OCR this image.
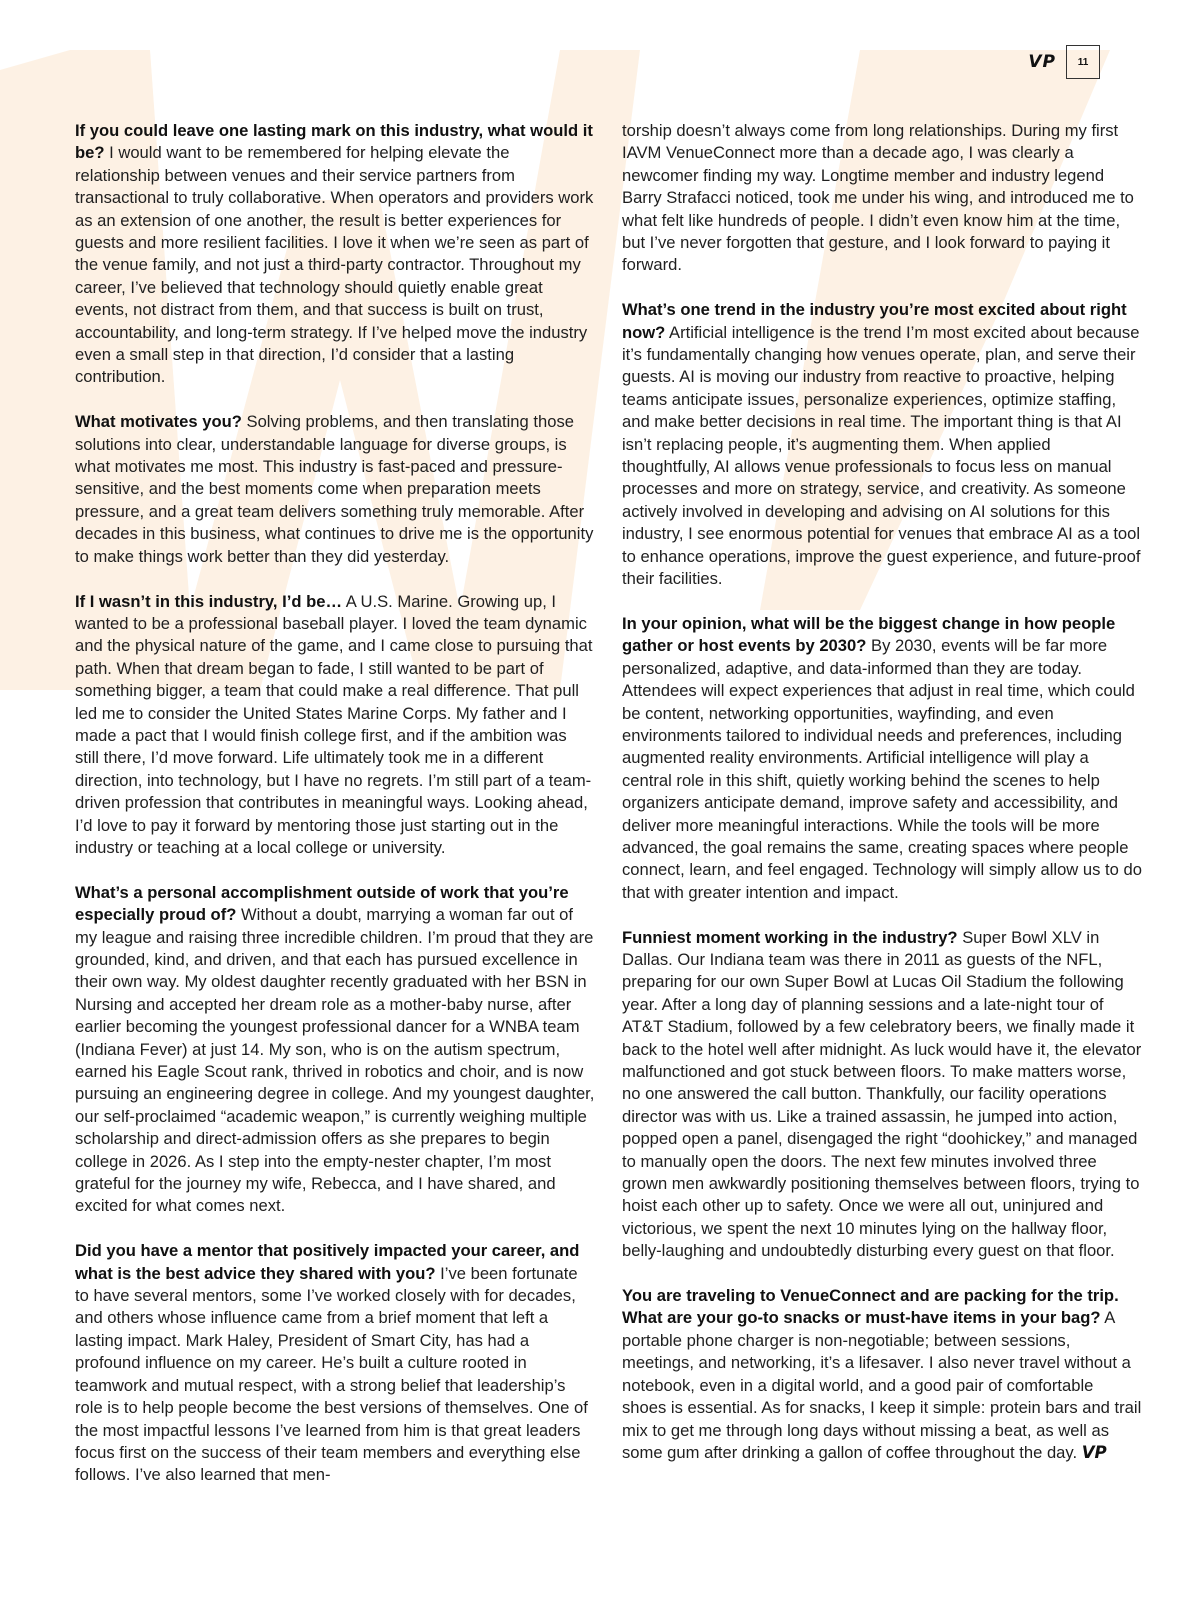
VP	11

If you could leave one lasting mark on this industry, what would it be? I would want to be remembered for helping elevate the relationship between venues and their service partners from transactional to truly collaborative. When operators and providers work as an extension of one another, the result is better experiences for guests and more resilient facilities. I love it when we’re seen as part of the venue family, and not just a third-party contractor. Throughout my career, I’ve believed that technology should quietly enable great events, not distract from them, and that success is built on trust, accountability, and long-term strategy. If I’ve helped move the industry even a small step in that direction, I’d consider that a lasting contribution.

What motivates you? Solving problems, and then translating those solutions into clear, understandable language for diverse groups, is what motivates me most. This industry is fast-paced and pressure-sensitive, and the best moments come when preparation meets pressure, and a great team delivers something truly memorable. After decades in this business, what continues to drive me is the opportunity to make things work better than they did yesterday.

If I wasn’t in this industry, I’d be… A U.S. Marine. Growing up, I wanted to be a professional baseball player. I loved the team dynamic and the physical nature of the game, and I came close to pursuing that path. When that dream began to fade, I still wanted to be part of something bigger, a team that could make a real difference. That pull led me to consider the United States Marine Corps. My father and I made a pact that I would finish college first, and if the ambition was still there, I’d move forward. Life ultimately took me in a different direction, into technology, but I have no regrets. I’m still part of a team-driven profession that contributes in meaningful ways. Looking ahead, I’d love to pay it forward by mentoring those just starting out in the industry or teaching at a local college or university.

What’s a personal accomplishment outside of work that you’re especially proud of? Without a doubt, marrying a woman far out of my league and raising three incredible children. I’m proud that they are grounded, kind, and driven, and that each has pursued excellence in their own way. My oldest daughter recently graduated with her BSN in Nursing and accepted her dream role as a mother-baby nurse, after earlier becoming the youngest professional dancer for a WNBA team (Indiana Fever) at just 14. My son, who is on the autism spectrum, earned his Eagle Scout rank, thrived in robotics and choir, and is now pursuing an engineering degree in college. And my youngest daughter, our self-proclaimed “academic weapon,” is currently weighing multiple scholarship and direct-admission offers as she prepares to begin college in 2026. As I step into the empty-nester chapter, I’m most grateful for the journey my wife, Rebecca, and I have shared, and excited for what comes next.

Did you have a mentor that positively impacted your career, and what is the best advice they shared with you? I’ve been fortunate to have several mentors, some I’ve worked closely with for decades, and others whose influence came from a brief moment that left a lasting impact. Mark Haley, President of Smart City, has had a profound influence on my career. He’s built a culture rooted in teamwork and mutual respect, with a strong belief that leadership’s role is to help people become the best versions of themselves. One of the most impactful lessons I’ve learned from him is that great leaders focus first on the success of their team members and everything else follows. I’ve also learned that men-

torship doesn’t always come from long relationships. During my first IAVM VenueConnect more than a decade ago, I was clearly a newcomer finding my way. Longtime member and industry legend Barry Strafacci noticed, took me under his wing, and introduced me to what felt like hundreds of people. I didn’t even know him at the time, but I’ve never forgotten that gesture, and I look forward to paying it forward.

What’s one trend in the industry you’re most excited about right now? Artificial intelligence is the trend I’m most excited about because it’s fundamentally changing how venues operate, plan, and serve their guests. AI is moving our industry from reactive to proactive, helping teams anticipate issues, personalize experiences, optimize staffing, and make better decisions in real time. The important thing is that AI isn’t replacing people, it’s augmenting them. When applied thoughtfully, AI allows venue professionals to focus less on manual processes and more on strategy, service, and creativity. As someone actively involved in developing and advising on AI solutions for this industry, I see enormous potential for venues that embrace AI as a tool to enhance operations, improve the guest experience, and future-proof their facilities.

In your opinion, what will be the biggest change in how people gather or host events by 2030? By 2030, events will be far more personalized, adaptive, and data-informed than they are today. Attendees will expect experiences that adjust in real time, which could be content, networking opportunities, wayfinding, and even environments tailored to individual needs and preferences, including augmented reality environments. Artificial intelligence will play a central role in this shift, quietly working behind the scenes to help organizers anticipate demand, improve safety and accessibility, and deliver more meaningful interactions. While the tools will be more advanced, the goal remains the same, creating spaces where people connect, learn, and feel engaged. Technology will simply allow us to do that with greater intention and impact.

Funniest moment working in the industry? Super Bowl XLV in Dallas. Our Indiana team was there in 2011 as guests of the NFL, preparing for our own Super Bowl at Lucas Oil Stadium the following year. After a long day of planning sessions and a late-night tour of AT&T Stadium, followed by a few celebratory beers, we finally made it back to the hotel well after midnight. As luck would have it, the elevator malfunctioned and got stuck between floors. To make matters worse, no one answered the call button. Thankfully, our facility operations director was with us. Like a trained assassin, he jumped into action, popped open a panel, disengaged the right “doohickey,” and managed to manually open the doors. The next few minutes involved three grown men awkwardly positioning themselves between floors, trying to hoist each other up to safety. Once we were all out, uninjured and victorious, we spent the next 10 minutes lying on the hallway floor, belly-laughing and undoubtedly disturbing every guest on that floor.

You are traveling to VenueConnect and are packing for the trip. What are your go-to snacks or must-have items in your bag? A portable phone charger is non-negotiable; between sessions, meetings, and networking, it’s a lifesaver. I also never travel without a notebook, even in a digital world, and a good pair of comfortable shoes is essential. As for snacks, I keep it simple: protein bars and trail mix to get me through long days without missing a beat, as well as some gum after drinking a gallon of coffee throughout the day. VP
